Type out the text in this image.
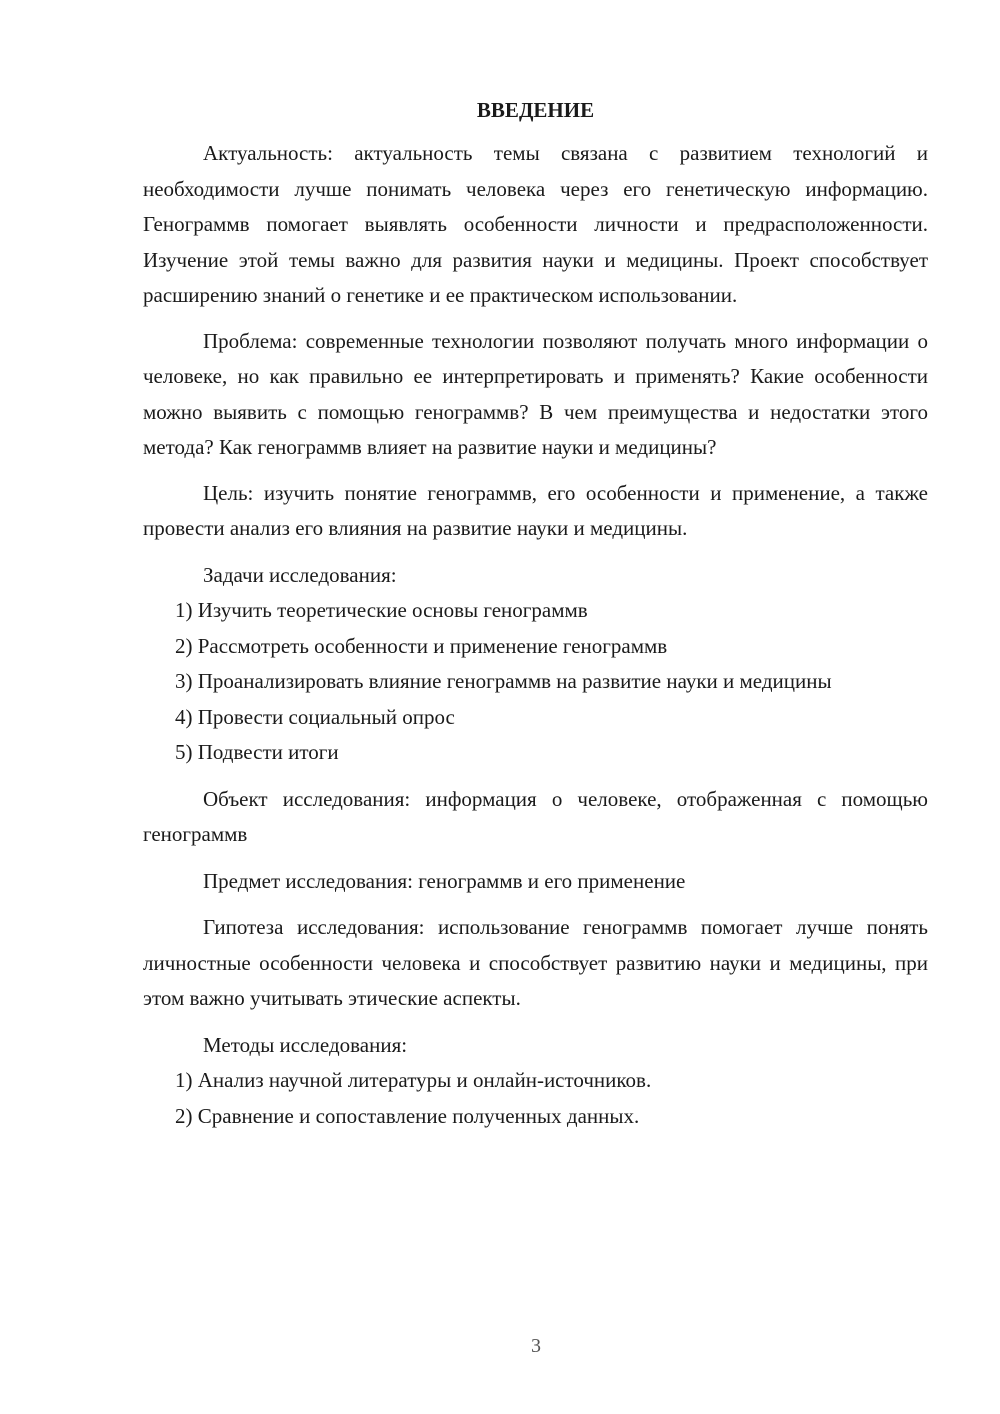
ВВЕДЕНИЕ

Актуальность: актуальность темы связана с развитием технологий и необходимости лучше понимать человека через его генетическую информацию. Генограммв помогает выявлять особенности личности и предрасположенности. Изучение этой темы важно для развития науки и медицины. Проект способствует расширению знаний о генетике и ее практическом использовании.

Проблема: современные технологии позволяют получать много информации о человеке, но как правильно ее интерпретировать и применять? Какие особенности можно выявить с помощью генограммв? В чем преимущества и недостатки этого метода? Как генограммв влияет на развитие науки и медицины?

Цель: изучить понятие генограммв, его особенности и применение, а также провести анализ его влияния на развитие науки и медицины.

Задачи исследования:

1) Изучить теоретические основы генограммв

2) Рассмотреть особенности и применение генограммв

3) Проанализировать влияние генограммв на развитие науки и медицины

4) Провести социальный опрос

5) Подвести итоги

Объект исследования: информация о человеке, отображенная с помощью генограммв

Предмет исследования: генограммв и его применение

Гипотеза исследования: использование генограммв помогает лучше понять личностные особенности человека и способствует развитию науки и медицины, при этом важно учитывать этические аспекты.

Методы исследования:

1) Анализ научной литературы и онлайн-источников.

2) Сравнение и сопоставление полученных данных.

3
